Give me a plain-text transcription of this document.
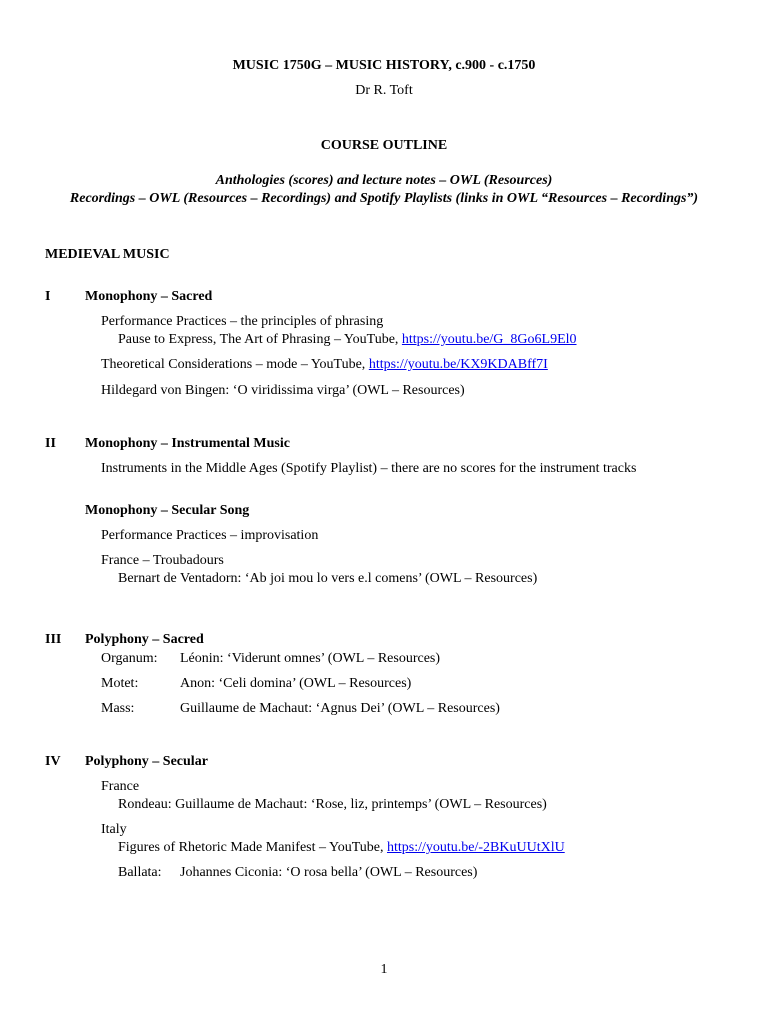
MUSIC 1750G – MUSIC HISTORY, c.900 - c.1750
Dr R. Toft
COURSE OUTLINE
Anthologies (scores) and lecture notes – OWL (Resources)
Recordings – OWL (Resources – Recordings) and Spotify Playlists (links in OWL “Resources – Recordings”)
MEDIEVAL MUSIC
I Monophony – Sacred
Performance Practices – the principles of phrasing
Pause to Express, The Art of Phrasing – YouTube, https://youtu.be/G_8Go6L9El0
Theoretical Considerations – mode – YouTube, https://youtu.be/KX9KDABff7I
Hildegard von Bingen: ‘O viridissima virga’ (OWL – Resources)
II Monophony – Instrumental Music
Instruments in the Middle Ages (Spotify Playlist) – there are no scores for the instrument tracks
Monophony – Secular Song
Performance Practices – improvisation
France – Troubadours
Bernart de Ventadorn: ‘Ab joi mou lo vers e.l comens’ (OWL – Resources)
III Polyphony – Sacred
Organum: Léonin: ‘Viderunt omnes’ (OWL – Resources)
Motet:	Anon: ‘Celi domina’ (OWL – Resources)
Mass:	Guillaume de Machaut: ‘Agnus Dei’ (OWL – Resources)
IV Polyphony – Secular
France
Rondeau: Guillaume de Machaut: ‘Rose, liz, printemps’ (OWL – Resources)
Italy
Figures of Rhetoric Made Manifest – YouTube, https://youtu.be/-2BKuUUtXlU
Ballata: Johannes Ciconia: ‘O rosa bella’ (OWL – Resources)
1
